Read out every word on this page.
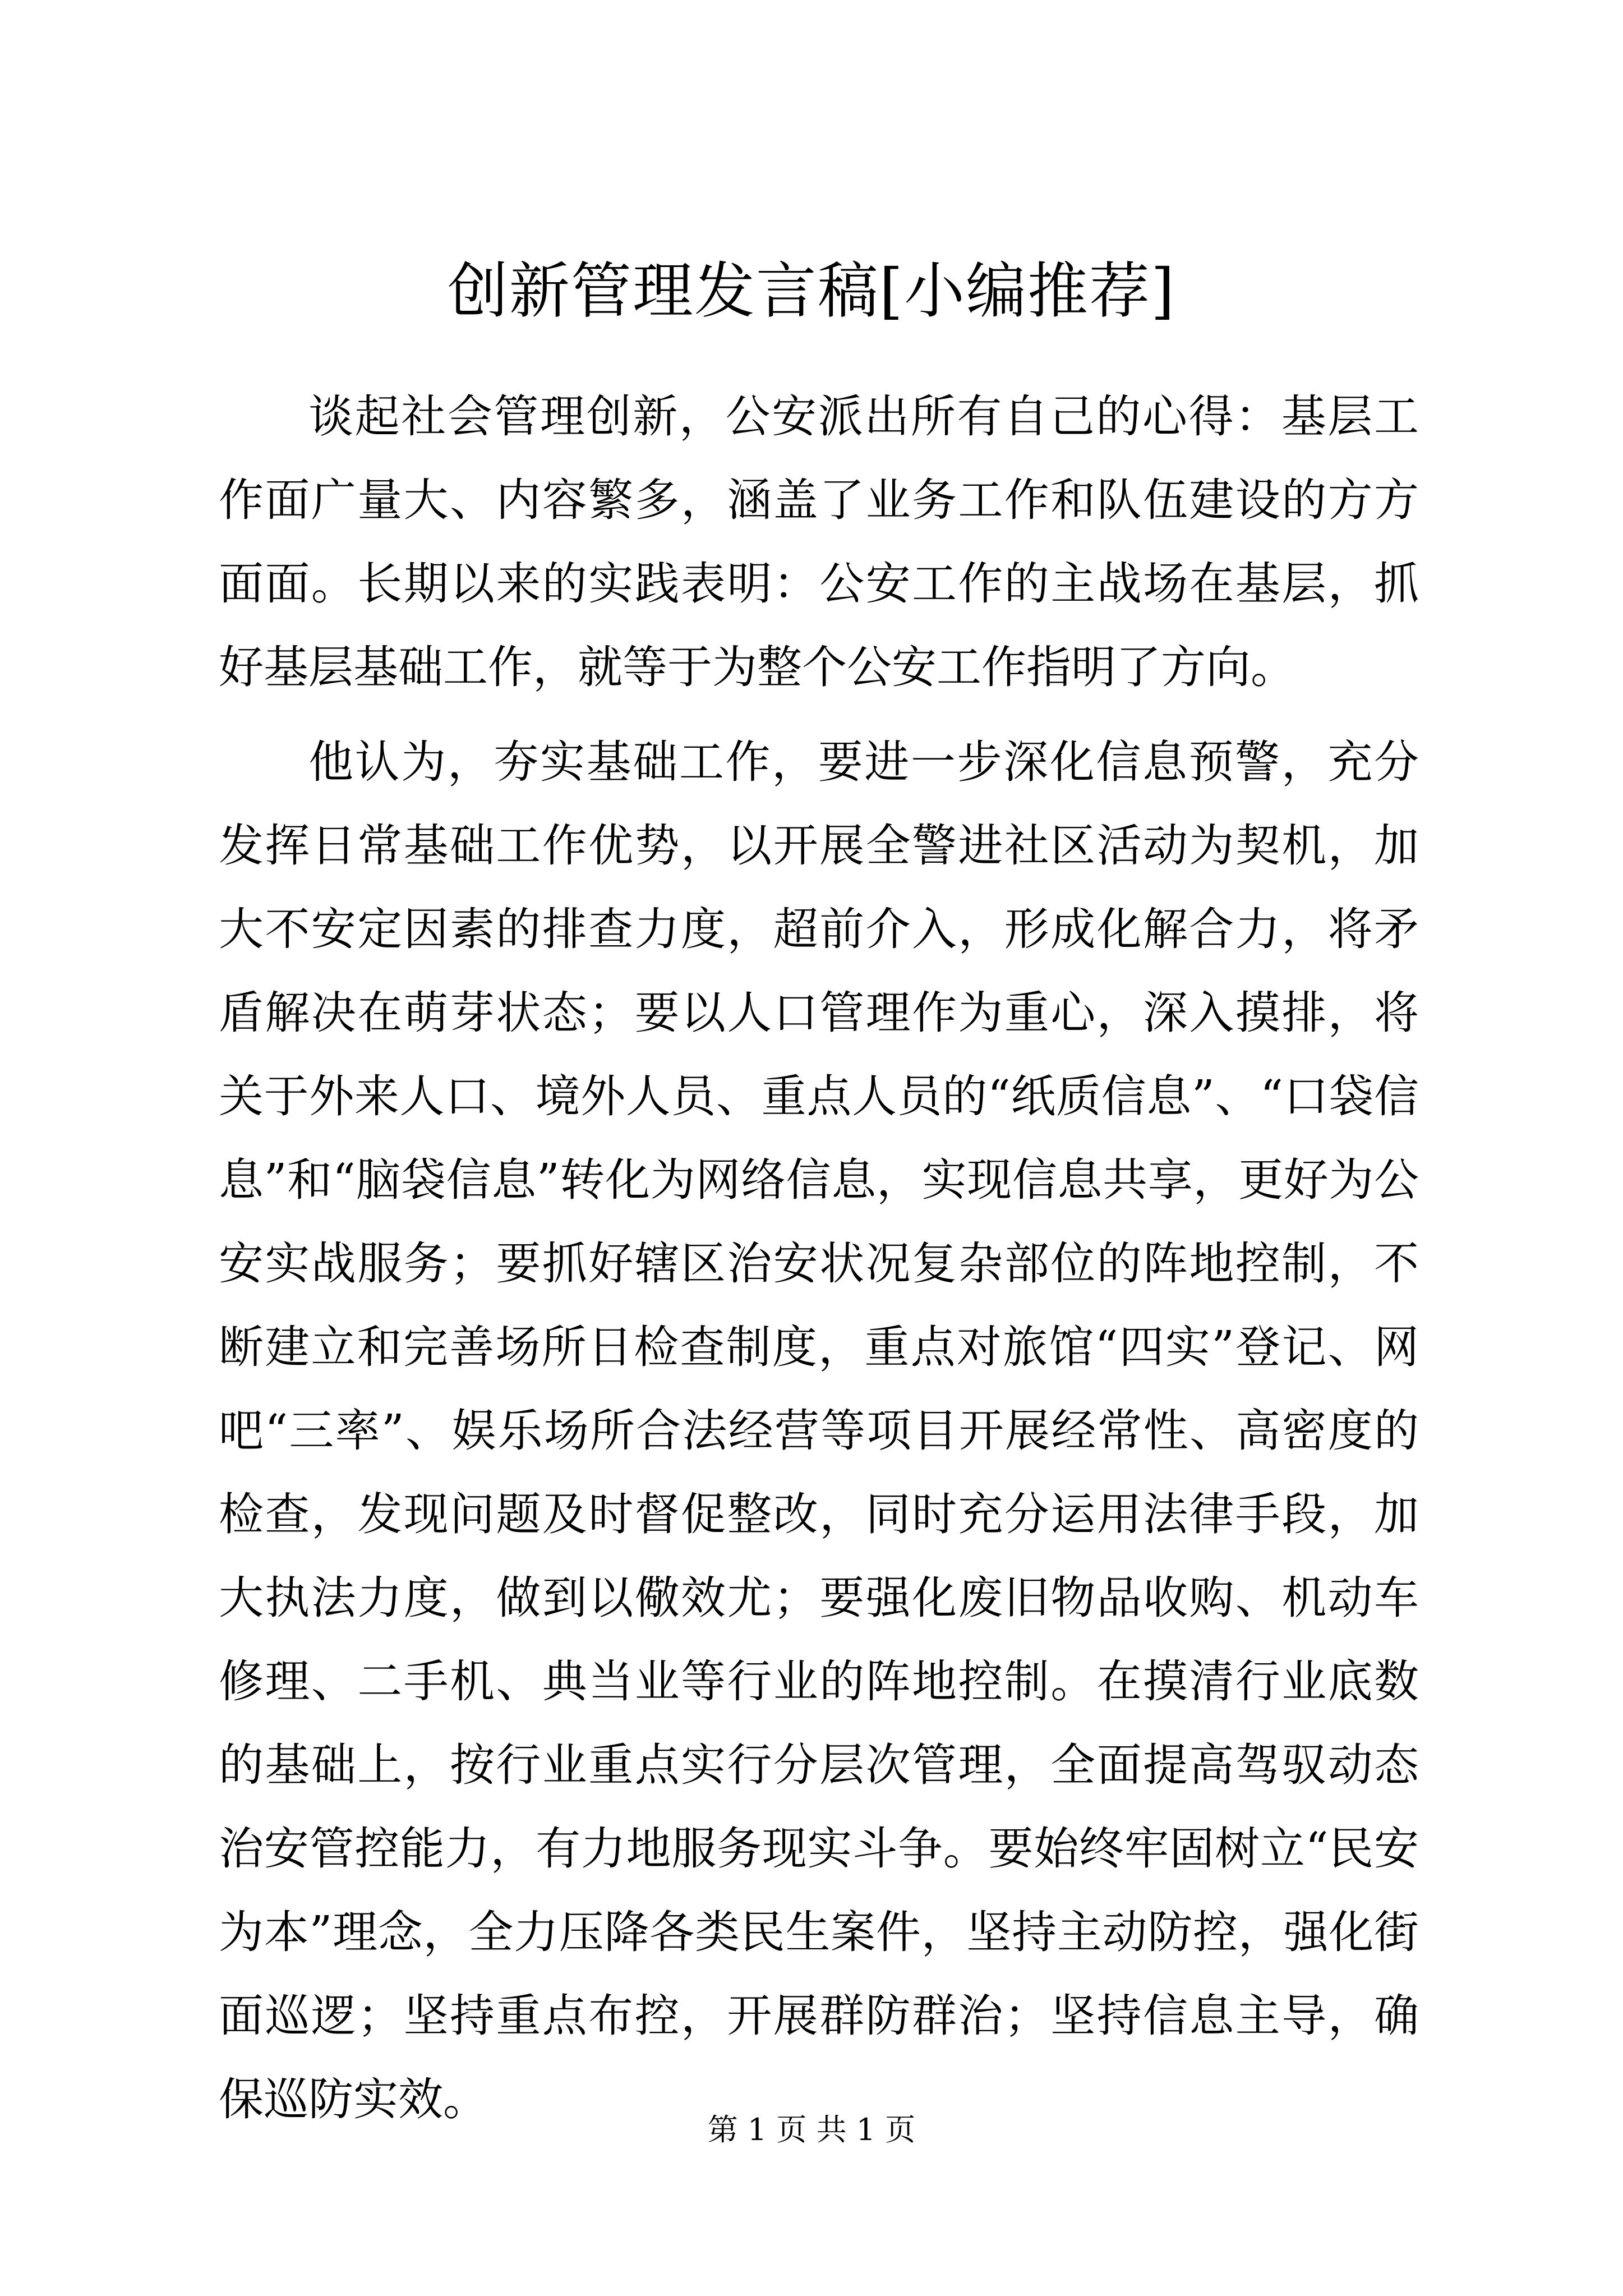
创新管理发言稿[小编推荐]

谈起社会管理创新，公安派出所有自己的心得：基层工作面广量大、内容繁多，涵盖了业务工作和队伍建设的方方面面。长期以来的实践表明：公安工作的主战场在基层，抓好基层基础工作，就等于为整个公安工作指明了方向。

他认为，夯实基础工作，要进一步深化信息预警，充分发挥日常基础工作优势，以开展全警进社区活动为契机，加大不安定因素的排查力度，超前介入，形成化解合力，将矛盾解决在萌芽状态；要以人口管理作为重心，深入摸排，将关于外来人口、境外人员、重点人员的“纸质信息”、“口袋信息”和“脑袋信息”转化为网络信息，实现信息共享，更好为公安实战服务；要抓好辖区治安状况复杂部位的阵地控制，不断建立和完善场所日检查制度，重点对旅馆“四实”登记、网吧“三率”、娱乐场所合法经营等项目开展经常性、高密度的检查，发现问题及时督促整改，同时充分运用法律手段，加大执法力度，做到以儆效尤；要强化废旧物品收购、机动车修理、二手机、典当业等行业的阵地控制。在摸清行业底数的基础上，按行业重点实行分层次管理，全面提高驾驭动态治安管控能力，有力地服务现实斗争。要始终牢固树立“民安为本”理念，全力压降各类民生案件，坚持主动防控，强化街面巡逻；坚持重点布控，开展群防群治；坚持信息主导，确保巡防实效。

第 1 页 共 1 页
